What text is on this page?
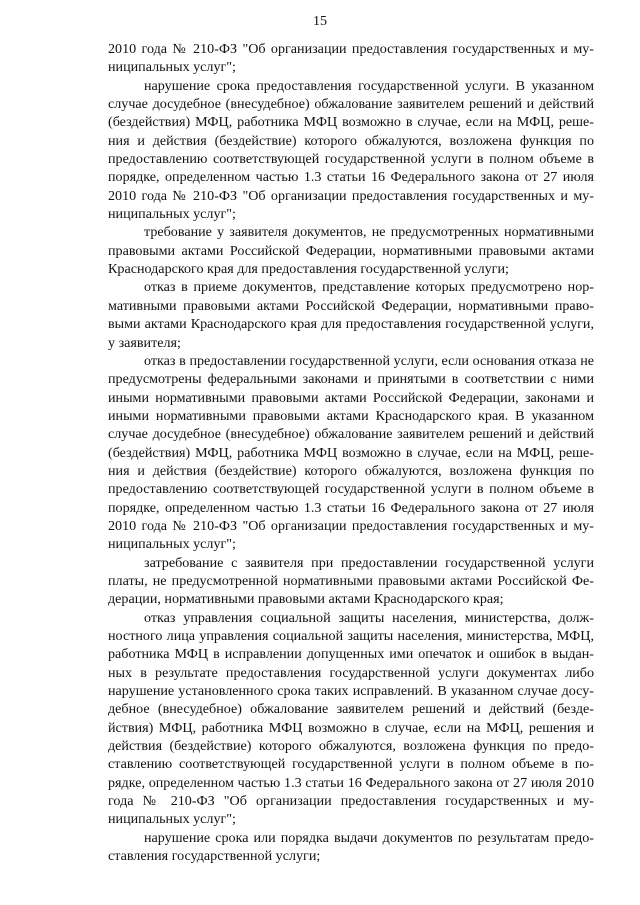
15

2010 года № 210-ФЗ "Об организации предоставления государственных и муниципальных услуг";

нарушение срока предоставления государственной услуги. В указанном случае досудебное (внесудебное) обжалование заявителем решений и действий (бездействия) МФЦ, работника МФЦ возможно в случае, если на МФЦ, решения и действия (бездействие) которого обжалуются, возложена функция по предоставлению соответствующей государственной услуги в полном объеме в порядке, определенном частью 1.3 статьи 16 Федерального закона от 27 июля 2010 года № 210-ФЗ "Об организации предоставления государственных и муниципальных услуг";

требование у заявителя документов, не предусмотренных нормативными правовыми актами Российской Федерации, нормативными правовыми актами Краснодарского края для предоставления государственной услуги;

отказ в приеме документов, представление которых предусмотрено нормативными правовыми актами Российской Федерации, нормативными правовыми актами Краснодарского края для предоставления государственной услуги, у заявителя;

отказ в предоставлении государственной услуги, если основания отказа не предусмотрены федеральными законами и принятыми в соответствии с ними иными нормативными правовыми актами Российской Федерации, законами и иными нормативными правовыми актами Краснодарского края. В указанном случае досудебное (внесудебное) обжалование заявителем решений и действий (бездействия) МФЦ, работника МФЦ возможно в случае, если на МФЦ, решения и действия (бездействие) которого обжалуются, возложена функция по предоставлению соответствующей государственной услуги в полном объеме в порядке, определенном частью 1.3 статьи 16 Федерального закона от 27 июля 2010 года № 210-ФЗ "Об организации предоставления государственных и муниципальных услуг";

затребование с заявителя при предоставлении государственной услуги платы, не предусмотренной нормативными правовыми актами Российской Федерации, нормативными правовыми актами Краснодарского края;

отказ управления социальной защиты населения, министерства, должностного лица управления социальной защиты населения, министерства, МФЦ, работника МФЦ в исправлении допущенных ими опечаток и ошибок в выданных в результате предоставления государственной услуги документах либо нарушение установленного срока таких исправлений. В указанном случае досудебное (внесудебное) обжалование заявителем решений и действий (бездействия) МФЦ, работника МФЦ возможно в случае, если на МФЦ, решения и действия (бездействие) которого обжалуются, возложена функция по предоставлению соответствующей государственной услуги в полном объеме в порядке, определенном частью 1.3 статьи 16 Федерального закона от 27 июля 2010 года № 210-ФЗ "Об организации предоставления государственных и муниципальных услуг";

нарушение срока или порядка выдачи документов по результатам предоставления государственной услуги;
